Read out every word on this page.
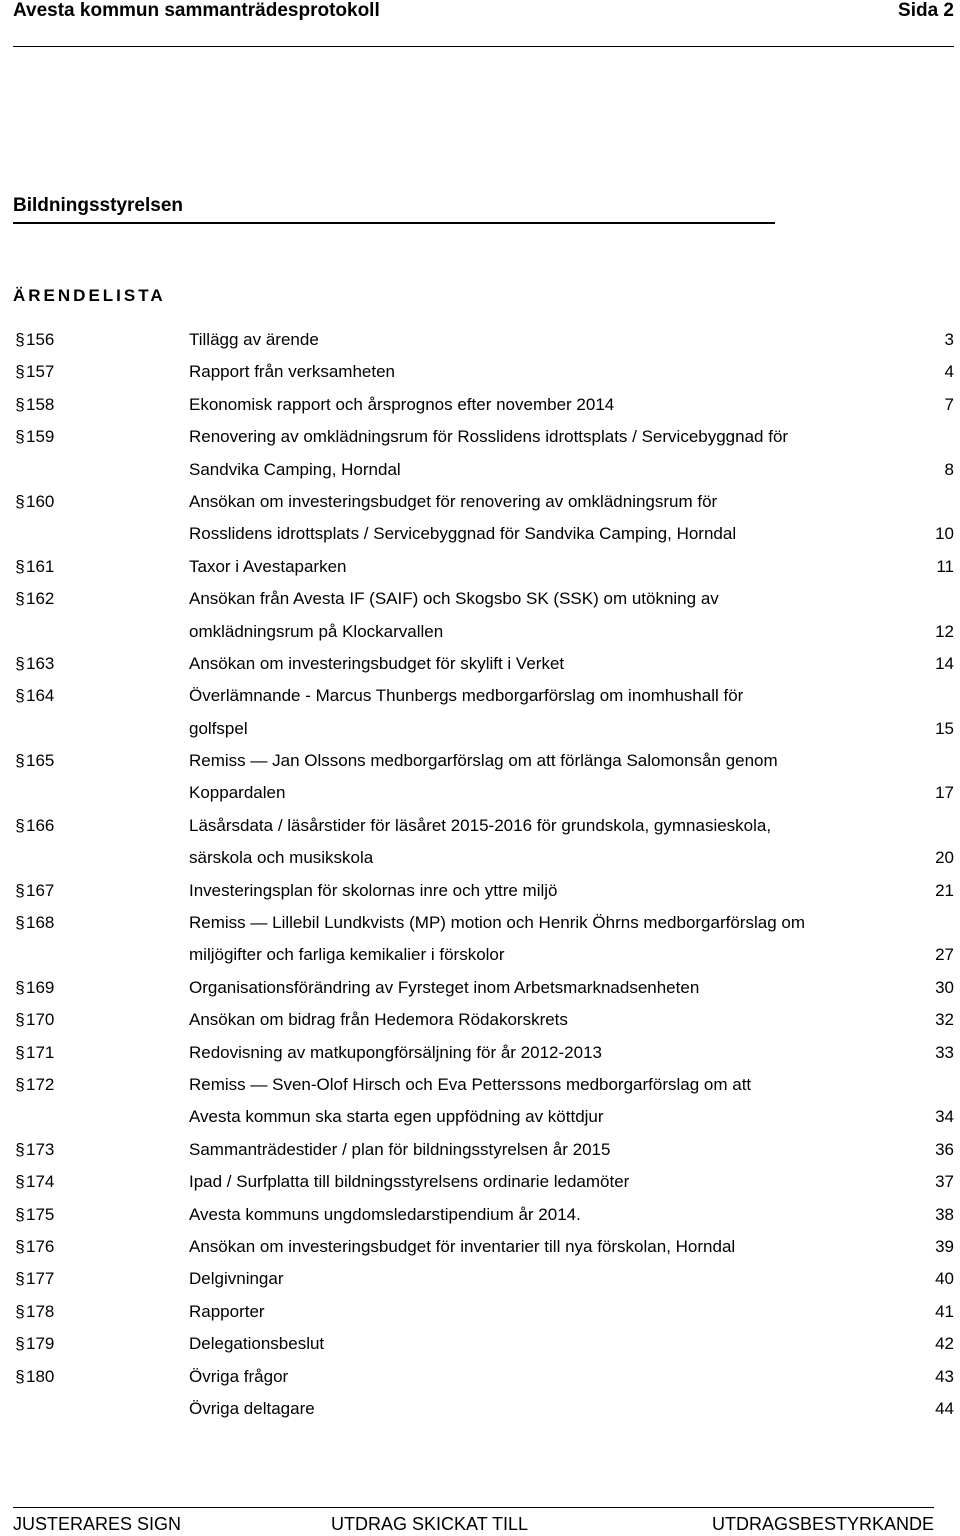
Avesta kommun sammanträdesprotokoll	Sida 2
Bildningsstyrelsen
ÄRENDELISTA
§ 156	Tillägg av ärende	3
§ 157	Rapport från verksamheten	4
§ 158	Ekonomisk rapport och årsprognos efter november 2014	7
§ 159	Renovering av omklädningsrum för Rosslidens idrottsplats / Servicebyggnad för
Sandvika Camping, Horndal	8
§ 160	Ansökan om investeringsbudget för renovering av omklädningsrum för
Rosslidens idrottsplats / Servicebyggnad för Sandvika Camping, Horndal	10
§ 161	Taxor i Avestaparken	11
§ 162	Ansökan från Avesta IF (SAIF) och Skogsbo SK (SSK) om utökning av
omklädningsrum på Klockarvallen	12
§ 163	Ansökan om investeringsbudget för skylift i Verket	14
§ 164	Överlämnande - Marcus Thunbergs medborgarförslag om inomhushall för
golfspel	15
§ 165	Remiss — Jan Olssons medborgarförslag om att förlänga Salomonsån genom
Koppardalen	17
§ 166	Läsårsdata / läsårstider för läsåret 2015-2016 för grundskola, gymnasieskola,
särskola och musikskola	20
§ 167	Investeringsplan för skolornas inre och yttre miljö	21
§ 168	Remiss — Lillebil Lundkvists (MP) motion och Henrik Öhrns medborgarförslag om
miljögifter och farliga kemikalier i förskolor	27
§ 169	Organisationsförändring av Fyrsteget inom Arbetsmarknadsenheten	30
§ 170	Ansökan om bidrag från Hedemora Rödakorskrets	32
§ 171	Redovisning av matkupongförsäljning för år 2012-2013	33
§ 172	Remiss — Sven-Olof Hirsch och Eva Petterssons medborgarförslag om att
Avesta kommun ska starta egen uppfödning av köttdjur	34
§ 173	Sammanträdestider / plan för bildningsstyrelsen år 2015	36
§ 174	Ipad / Surfplatta till bildningsstyrelsens ordinarie ledamöter	37
§ 175	Avesta kommuns ungdomsledarstipendium år 2014.	38
§ 176	Ansökan om investeringsbudget för inventarier till nya förskolan, Horndal	39
§ 177	Delgivningar	40
§ 178	Rapporter	41
§ 179	Delegationsbeslut	42
§ 180	Övriga frågor	43
Övriga deltagare	44
JUSTERARES SIGN	UTDRAG SKICKAT TILL	UTDRAGSBESTYRKANDE
